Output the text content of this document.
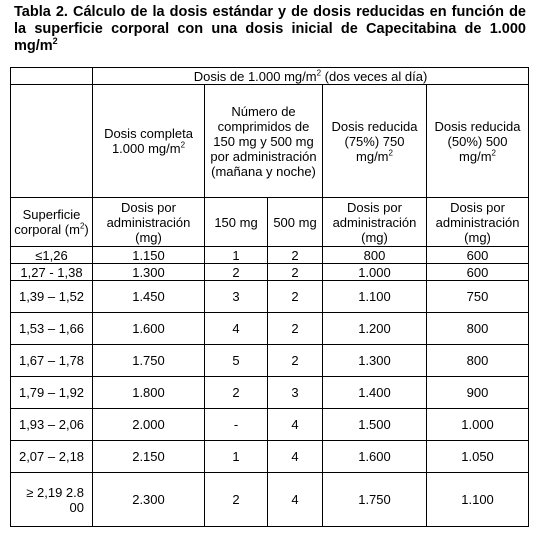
Tabla 2. Cálculo de la dosis estándar y de dosis reducidas en función de la superficie corporal con una dosis inicial de Capecitabina de 1.000 $mg/m^2$
	Dosis de 1.000 $mg/m^2$ (dos veces al día)				
	Dosis completa 1.000 $mg/m^2$	Número de comprimidos de 150 mg y 500 mg por administración (mañana y noche)		Dosis reducida (75%) 750 $mg/m^2$	Dosis reducida (50%) 500 $mg/m^2$
Superficie corporal $(m^2)$	Dosis por administración (mg)	150 mg	500 mg	Dosis por administración (mg)	Dosis por administración (mg)
≤1,26	1.150	1	2	800	600
1,27 - 1,38	1.300	2	2	1.000	600
1,39 – 1,52	1.450	3	2	1.100	750
1,53 – 1,66	1.600	4	2	1.200	800
1,67 – 1,78	1.750	5	2	1.300	800
1,79 – 1,92	1.800	2	3	1.400	900
1,93 – 2,06	2.000	-	4	1.500	1.000
2,07 – 2,18	2.150	1	4	1.600	1.050
≥ 2,19 2.8 00	2.300	2	4	1.750	1.100
